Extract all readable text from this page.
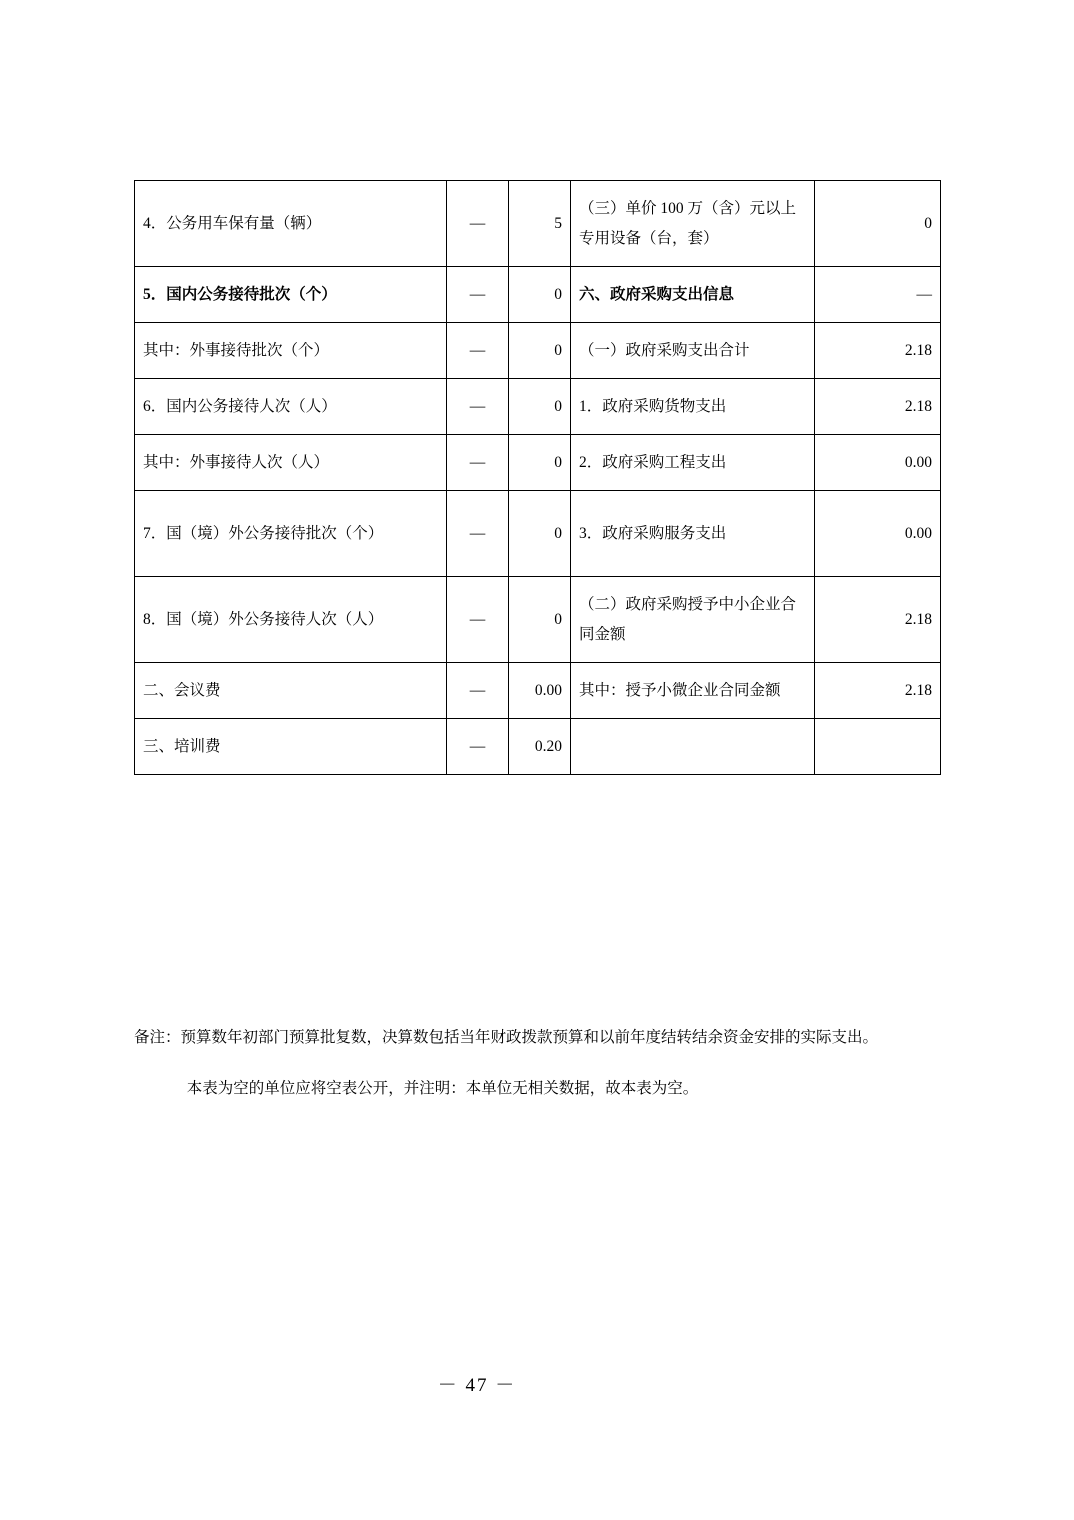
4．公务用车保有量（辆）	—	5	（三）单价 100 万（含）元以上专用设备（台，套）	0
5．国内公务接待批次（个）	—	0	六、政府采购支出信息	—
其中：外事接待批次（个）	—	0	（一）政府采购支出合计	2.18
6．国内公务接待人次（人）	—	0	1．政府采购货物支出	2.18
其中：外事接待人次（人）	—	0	2．政府采购工程支出	0.00
7．国（境）外公务接待批次（个）	—	0	3．政府采购服务支出	0.00
8．国（境）外公务接待人次（人）	—	0	（二）政府采购授予中小企业合同金额	2.18
二、会议费	—	0.00	其中：授予小微企业合同金额	2.18
三、培训费	—	0.20		

备注：预算数年初部门预算批复数，决算数包括当年财政拨款预算和以前年度结转结余资金安排的实际支出。

本表为空的单位应将空表公开，并注明：本单位无相关数据，故本表为空。

－ 47 －
